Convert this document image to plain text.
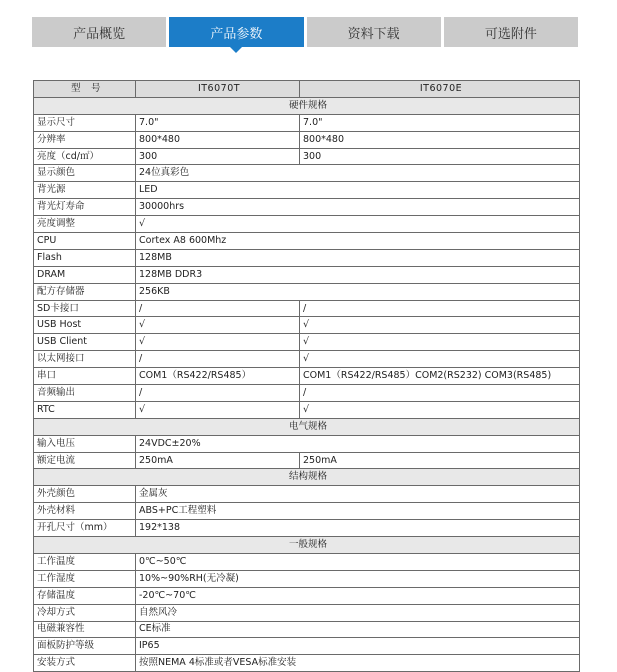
产品概览	产品参数	资料下载	可选附件
型　号	IT6070T	IT6070E
硬件规格		
显示尺寸	7.0"	7.0"
分辨率	800*480	800*480
亮度（cd/㎡）	300	300
显示颜色	24位真彩色	
背光源	LED	
背光灯寿命	30000hrs	
亮度调整	√	
CPU	Cortex A8 600Mhz	
Flash	128MB	
DRAM	128MB DDR3	
配方存储器	256KB	
SD卡接口	/	/
USB Host	√	√
USB Client	√	√
以太网接口	/	√
串口	COM1（RS422/RS485）	COM1（RS422/RS485）COM2(RS232) COM3(RS485)
音频输出	/	/
RTC	√	√
电气规格		
输入电压	24VDC±20%	
额定电流	250mA	250mA
结构规格		
外壳颜色	金属灰	
外壳材料	ABS+PC工程塑料	
开孔尺寸（mm）	192*138	
一般规格		
工作温度	0℃~50℃	
工作湿度	10%~90%RH(无冷凝)	
存储温度	-20℃~70℃	
冷却方式	自然风冷	
电磁兼容性	CE标准	
面板防护等级	IP65	
安装方式	按照NEMA 4标准或者VESA标准安装	
